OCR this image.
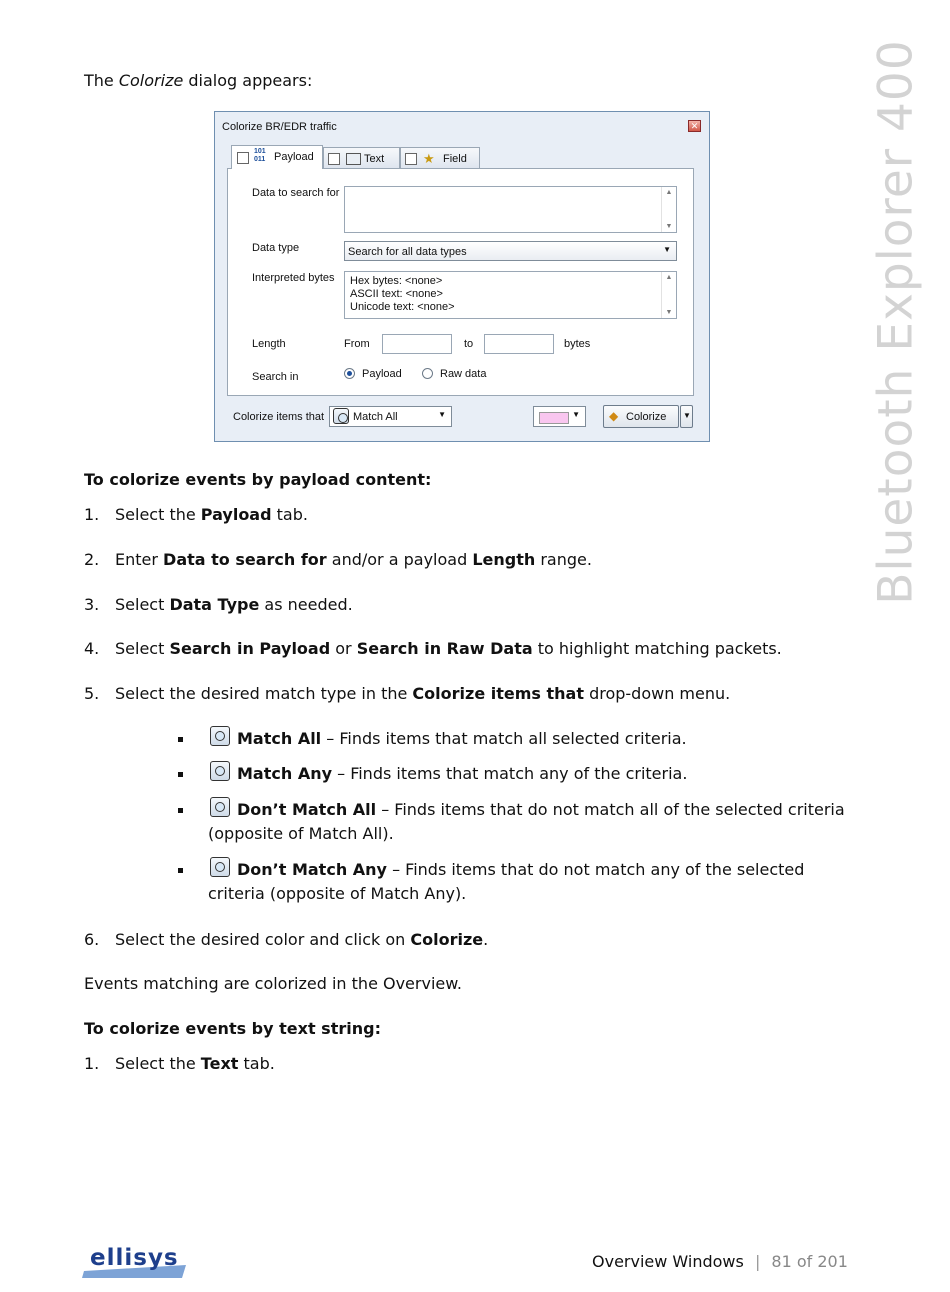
Bluetooth Explorer 400
The Colorize dialog appears:
Colorize BR/EDR traffic	✕
101
011 Payload	Text	★ Field
Data to search for	▲
▼
Data type	Search for all data types	▼
Interpreted bytes Hex bytes: <none>
ASCII text: <none>
Unicode text: <none>
▲
▼
Length	From	to	bytes
Search in	Payload	Raw data
Colorize items that	Match All	▼	▼ ◆ Colorize ▼
To colorize events by payload content:
1. Select the Payload tab.
2. Enter Data to search for and/or a payload Length range.
3. Select Data Type as needed.
4. Select Search in Payload or Search in Raw Data to highlight matching packets.
5. Select the desired match type in the Colorize items that drop-down menu.
Match All – Finds items that match all selected criteria.
Match Any – Finds items that match any of the criteria.
Don’t Match All – Finds items that do not match all of the selected criteria
(opposite of Match All).
Don’t Match Any – Finds items that do not match any of the selected
criteria (opposite of Match Any).
6. Select the desired color and click on Colorize.
Events matching are colorized in the Overview.
To colorize events by text string:
1. Select the Text tab.
ellisys	Overview Windows | 81 of 201
